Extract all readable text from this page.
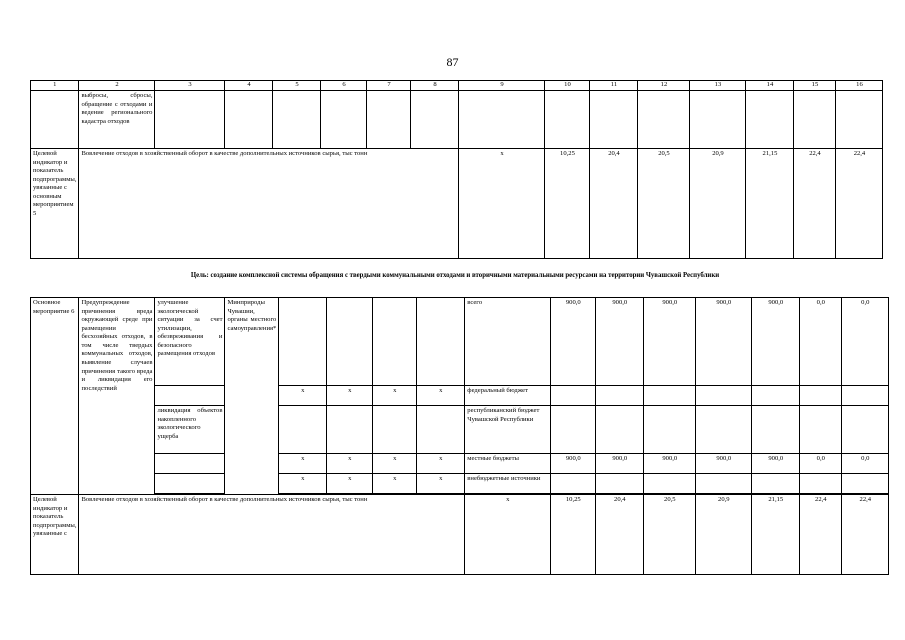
87
1	2	3	4	5	6	7	8	9	10	11	12	13	14	15	16
	выбросы, сбросы, обращение с отходами и ведение регионального кадастра отходов														
Целевой индикатор и показатель подпрограммы, увязанные с основным мероприятием 5	Вовлечение отходов в хозяйственный оборот в качестве дополнительных источников сырья, тыс тонн							х	10,25	20,4	20,5	20,9	21,15	22,4	22,4
Цель: создание комплексной системы обращения с твердыми коммунальными отходами и вторичными материальными ресурсами на территории Чувашской Республики
Основное мероприятие 6	Предупреждение причинения вреда окружающей среде при размещении бесхозяйных отходов, в том числе твердых коммунальных отходов, выявление случаев причинения такого вреда и ликвидация его последствий	улучшение экологической ситуации за счет утилизации, обезвреживания и безопасного размещения отходов	Минприроды Чувашии, органы местного самоуправления*					всего	900,0	900,0	900,0	900,0	900,0	0,0	0,0
				х	х	х	х	федеральный бюджет							
		ликвидация объектов накопленного экологического ущерба						республиканский бюджет Чувашской Республики							
				х	х	х	х	местные бюджеты	900,0	900,0	900,0	900,0	900,0	0,0	0,0
				х	х	х	х	внебюджетные источники							

Целевой индикатор и показатель подпрограммы, увязанные с	Вовлечение отходов в хозяйственный оборот в качестве дополнительных источников сырья, тыс тонн							х	10,25	20,4	20,5	20,9	21,15	22,4	22,4
